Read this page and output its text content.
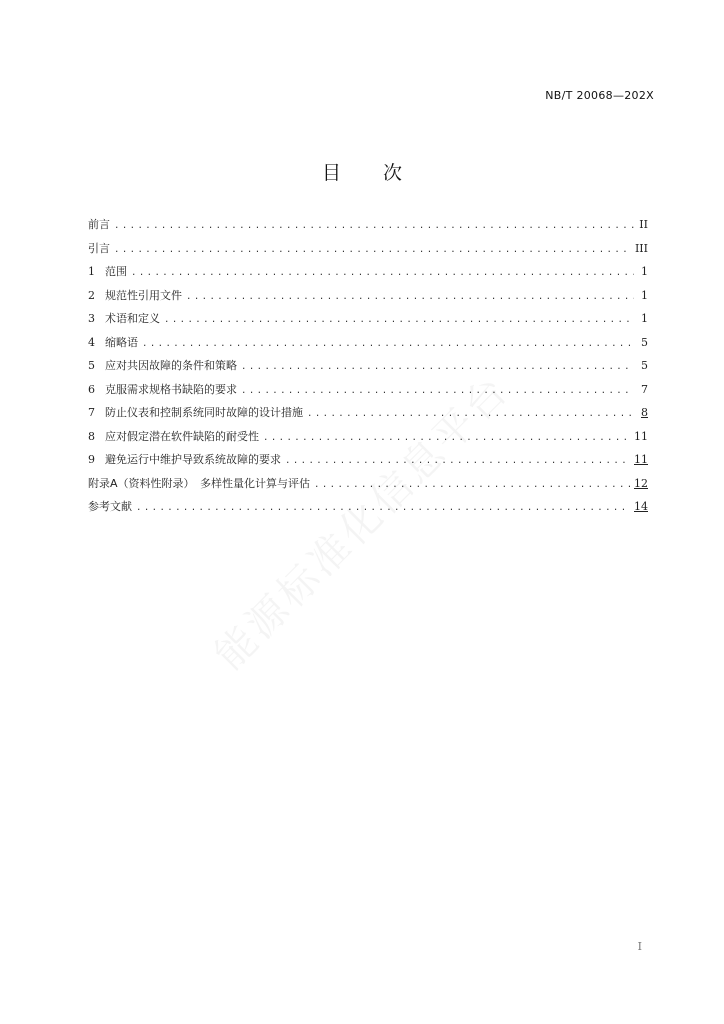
NB/T 20068—202X
目 次
前言 .....	II
引言 .....	III
1 范围 .....	1
2 规范性引用文件 .....	1
3 术语和定义 .....	1
4 缩略语 .....	5
5 应对共因故障的条件和策略 .....	5
6 克服需求规格书缺陷的要求 .....	7
7 防止仪表和控制系统同时故障的设计措施 .....	8
8 应对假定潜在软件缺陷的耐受性 .....	11
9 避免运行中维护导致系统故障的要求 .....	11
附录A（资料性附录）　多样性量化计算与评估 .....	12
参考文献 .....	14
I
